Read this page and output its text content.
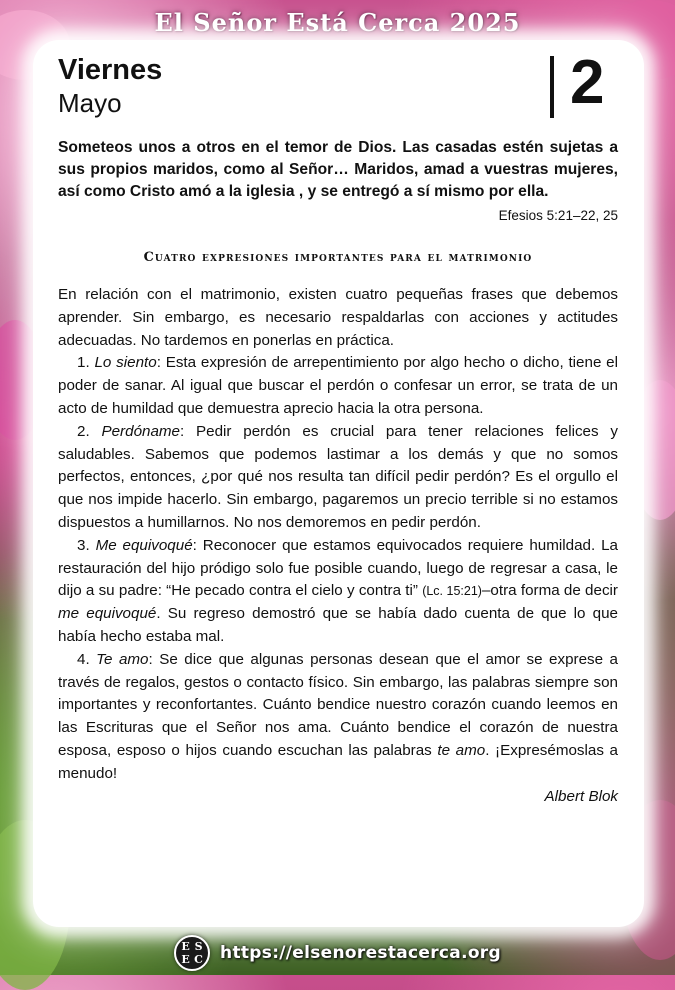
El Señor Está Cerca 2025
Viernes
Mayo	2
Someteos unos a otros en el temor de Dios. Las casadas estén sujetas a sus propios maridos, como al Señor… Maridos, amad a vuestras mujeres, así como Cristo amó a la iglesia , y se entregó a sí mismo por ella.
Efesios 5:21–22, 25
Cuatro expresiones importantes para el matrimonio

En relación con el matrimonio, existen cuatro pequeñas frases que debemos aprender. Sin embargo, es necesario respaldarlas con acciones y actitudes adecuadas. No tardemos en ponerlas en práctica.

1. Lo siento: Esta expresión de arrepentimiento por algo hecho o dicho, tiene el poder de sanar. Al igual que buscar el perdón o confesar un error, se trata de un acto de humildad que demuestra aprecio hacia la otra persona.

2. Perdóname: Pedir perdón es crucial para tener relaciones felices y saludables. Sabemos que podemos lastimar a los demás y que no somos perfectos, entonces, ¿por qué nos resulta tan difícil pedir perdón? Es el orgullo el que nos impide hacerlo. Sin embargo, pagaremos un precio terrible si no estamos dispuestos a humillarnos. No nos demoremos en pedir perdón.

3. Me equivoqué: Reconocer que estamos equivocados requiere humildad. La restauración del hijo pródigo solo fue posible cuando, luego de regresar a casa, le dijo a su padre: “He pecado contra el cielo y contra ti” (Lc. 15:21)–otra forma de decir me equivoqué. Su regreso demostró que se había dado cuenta de que lo que había hecho estaba mal.

4. Te amo: Se dice que algunas personas desean que el amor se exprese a través de regalos, gestos o contacto físico. Sin embargo, las palabras siempre son importantes y reconfortantes. Cuánto bendice nuestro corazón cuando leemos en las Escrituras que el Señor nos ama. Cuánto bendice el corazón de nuestra esposa, esposo o hijos cuando escuchan las palabras te amo. ¡Expresémoslas a menudo!

Albert Blok

E S
E C https://elsenorestacerca.org
